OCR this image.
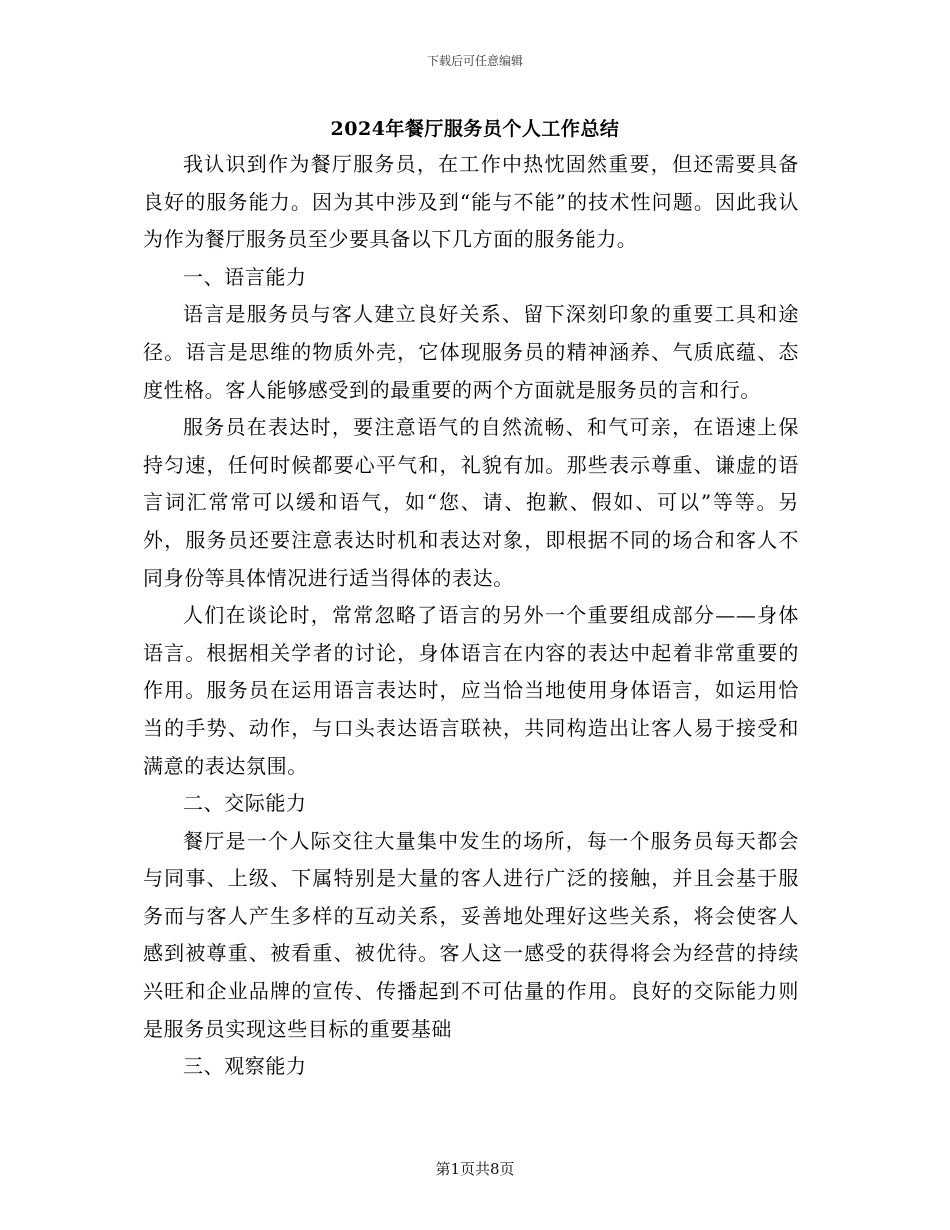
下载后可任意编辑
2024年餐厅服务员个人工作总结

我认识到作为餐厅服务员，在工作中热忱固然重要，但还需要具备良好的服务能力。因为其中涉及到“能与不能”的技术性问题。因此我认为作为餐厅服务员至少要具备以下几方面的服务能力。

一、语言能力

语言是服务员与客人建立良好关系、留下深刻印象的重要工具和途径。语言是思维的物质外壳，它体现服务员的精神涵养、气质底蕴、态度性格。客人能够感受到的最重要的两个方面就是服务员的言和行。

服务员在表达时，要注意语气的自然流畅、和气可亲，在语速上保持匀速，任何时候都要心平气和，礼貌有加。那些表示尊重、谦虚的语言词汇常常可以缓和语气，如“您、请、抱歉、假如、可以”等等。另外，服务员还要注意表达时机和表达对象，即根据不同的场合和客人不同身份等具体情况进行适当得体的表达。

人们在谈论时，常常忽略了语言的另外一个重要组成部分——身体语言。根据相关学者的讨论，身体语言在内容的表达中起着非常重要的作用。服务员在运用语言表达时，应当恰当地使用身体语言，如运用恰当的手势、动作，与口头表达语言联袂，共同构造出让客人易于接受和满意的表达氛围。

二、交际能力

餐厅是一个人际交往大量集中发生的场所，每一个服务员每天都会与同事、上级、下属特别是大量的客人进行广泛的接触，并且会基于服务而与客人产生多样的互动关系，妥善地处理好这些关系，将会使客人感到被尊重、被看重、被优待。客人这一感受的获得将会为经营的持续兴旺和企业品牌的宣传、传播起到不可估量的作用。良好的交际能力则是服务员实现这些目标的重要基础

三、观察能力

第1页共8页
